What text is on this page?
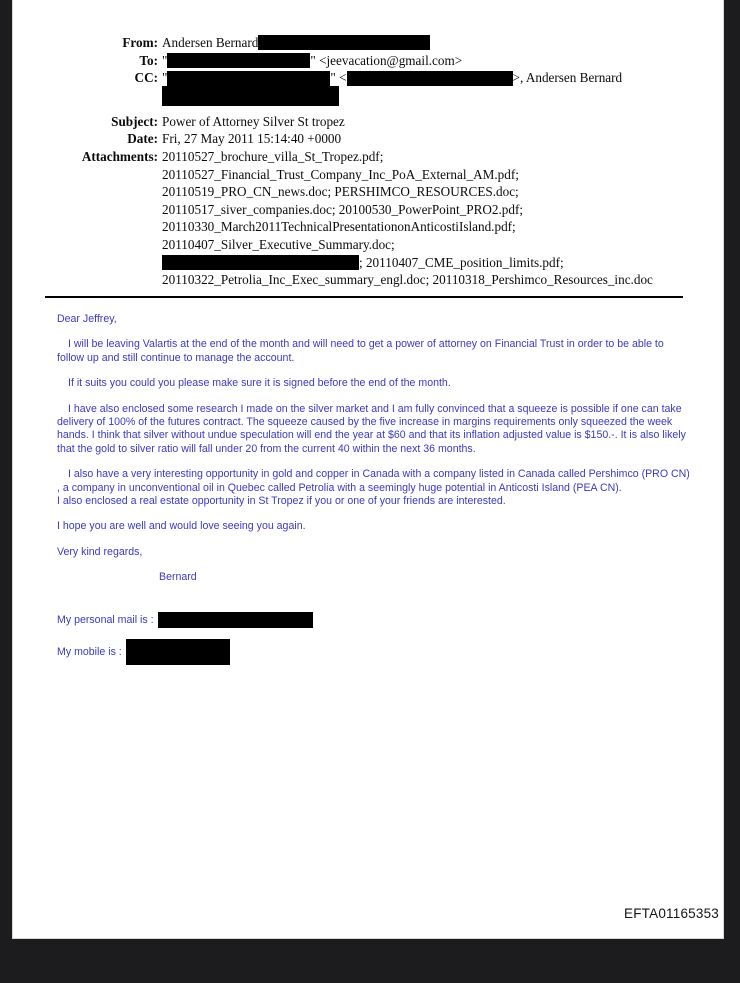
From: Andersen Bernard
To: "	" <jeevacation@gmail.com>
CC: "	" <	>, Andersen Bernard
Subject: Power of Attorney Silver St tropez
Date: Fri, 27 May 2011 15:14:40 +0000
Attachments: 20110527_brochure_villa_St_Tropez.pdf;
20110527_Financial_Trust_Company_Inc_PoA_External_AM.pdf;
20110519_PRO_CN_news.doc; PERSHIMCO_RESOURCES.doc;
20110517_siver_companies.doc; 20100530_PowerPoint_PRO2.pdf;
20110330_March2011TechnicalPresentationonAnticostiIsland.pdf;
20110407_Silver_Executive_Summary.doc;
; 20110407_CME_position_limits.pdf;
20110322_Petrolia_Inc_Exec_summary_engl.doc; 20110318_Pershimco_Resources_inc.doc

Dear Jeffrey,

I will be leaving Valartis at the end of the month and will need to get a power of attorney on Financial Trust in order to be able to follow up and still continue to manage the account.

If it suits you could you please make sure it is signed before the end of the month.

I have also enclosed some research I made on the silver market and I am fully convinced that a squeeze is possible if one can take delivery of 100% of the futures contract. The squeeze caused by the five increase in margins requirements only squeezed the week hands. I think that silver without undue speculation will end the year at $60 and that its inflation adjusted value is $150.-. It is also likely that the gold to silver ratio will fall under 20 from the current 40 within the next 36 months.

I also have a very interesting opportunity in gold and copper in Canada with a company listed in Canada called Pershimco (PRO CN) , a company in unconventional oil in Quebec called Petrolia with a seemingly huge potential in Anticosti Island (PEA CN).

I also enclosed a real estate opportunity in St Tropez if you or one of your friends are interested.

I hope you are well and would love seeing you again.

Very kind regards,

Bernard

My personal mail is :

My mobile is :

EFTA01165353
